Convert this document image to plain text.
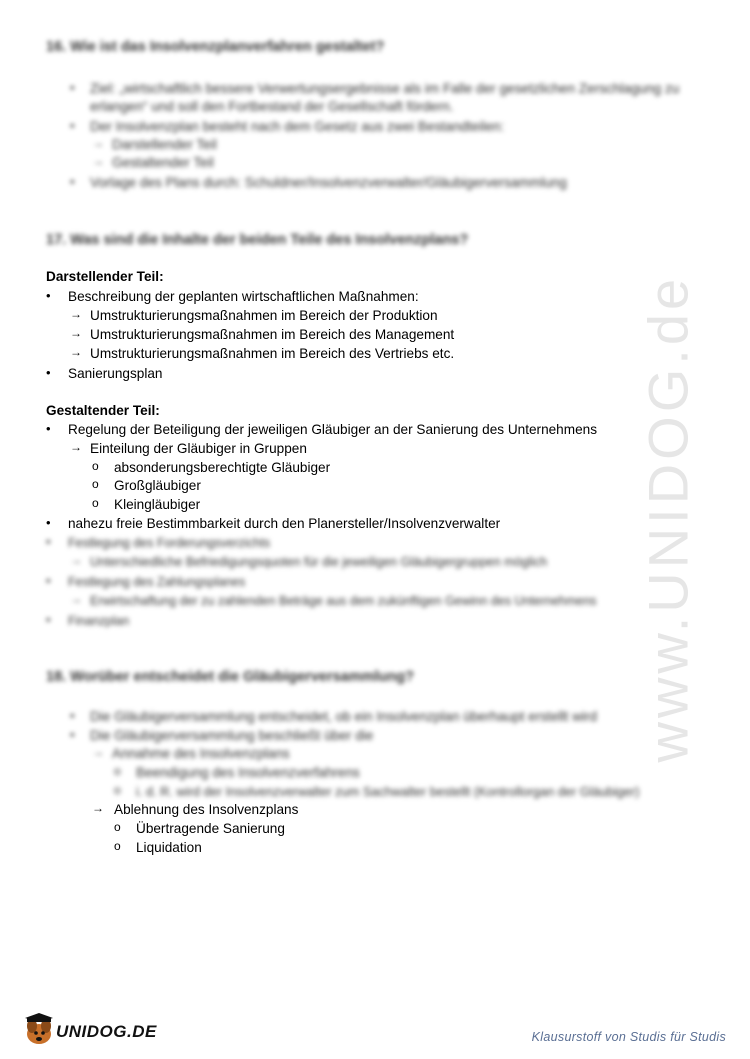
www.UNIDOG.de
16. Wie ist das Insolvenzplanverfahren gestaltet?
• Ziel: „wirtschaftlich bessere Verwertungsergebnisse als im Falle der gesetzlichen Zerschlagung zu
erlangen“ und soll den Fortbestand der Gesellschaft fördern.
• Der Insolvenzplan besteht nach dem Gesetz aus zwei Bestandteilen:
→ Darstellender Teil
→ Gestaltender Teil
• Vorlage des Plans durch: Schuldner/Insolvenzverwalter/Gläubigerversammlung
17. Was sind die Inhalte der beiden Teile des Insolvenzplans?
Darstellender Teil:
• Beschreibung der geplanten wirtschaftlichen Maßnahmen:
→ Umstrukturierungsmaßnahmen im Bereich der Produktion
→ Umstrukturierungsmaßnahmen im Bereich des Management
→ Umstrukturierungsmaßnahmen im Bereich des Vertriebs etc.
• Sanierungsplan
Gestaltender Teil:
• Regelung der Beteiligung der jeweiligen Gläubiger an der Sanierung des Unternehmens
→ Einteilung der Gläubiger in Gruppen
o absonderungsberechtigte Gläubiger
o Großgläubiger
o Kleingläubiger
• nahezu freie Bestimmbarkeit durch den Planersteller/Insolvenzverwalter
• Festlegung des Forderungsverzichts
→ Unterschiedliche Befriedigungsquoten für die jeweiligen Gläubigergruppen möglich
• Festlegung des Zahlungsplanes
→ Erwirtschaftung der zu zahlenden Beträge aus dem zukünftigen Gewinn des Unternehmens
• Finanzplan
18. Worüber entscheidet die Gläubigerversammlung?
• Die Gläubigerversammlung entscheidet, ob ein Insolvenzplan überhaupt erstellt wird
• Die Gläubigerversammlung beschließt über die
→ Annahme des Insolvenzplans
o Beendigung des Insolvenzverfahrens
o i. d. R. wird der Insolvenzverwalter zum Sachwalter bestellt (Kontrollorgan der Gläubiger)
→ Ablehnung des Insolvenzplans
o Übertragende Sanierung
o Liquidation
UNIDOG.DE	Klausurstoff von Studis für Studis
